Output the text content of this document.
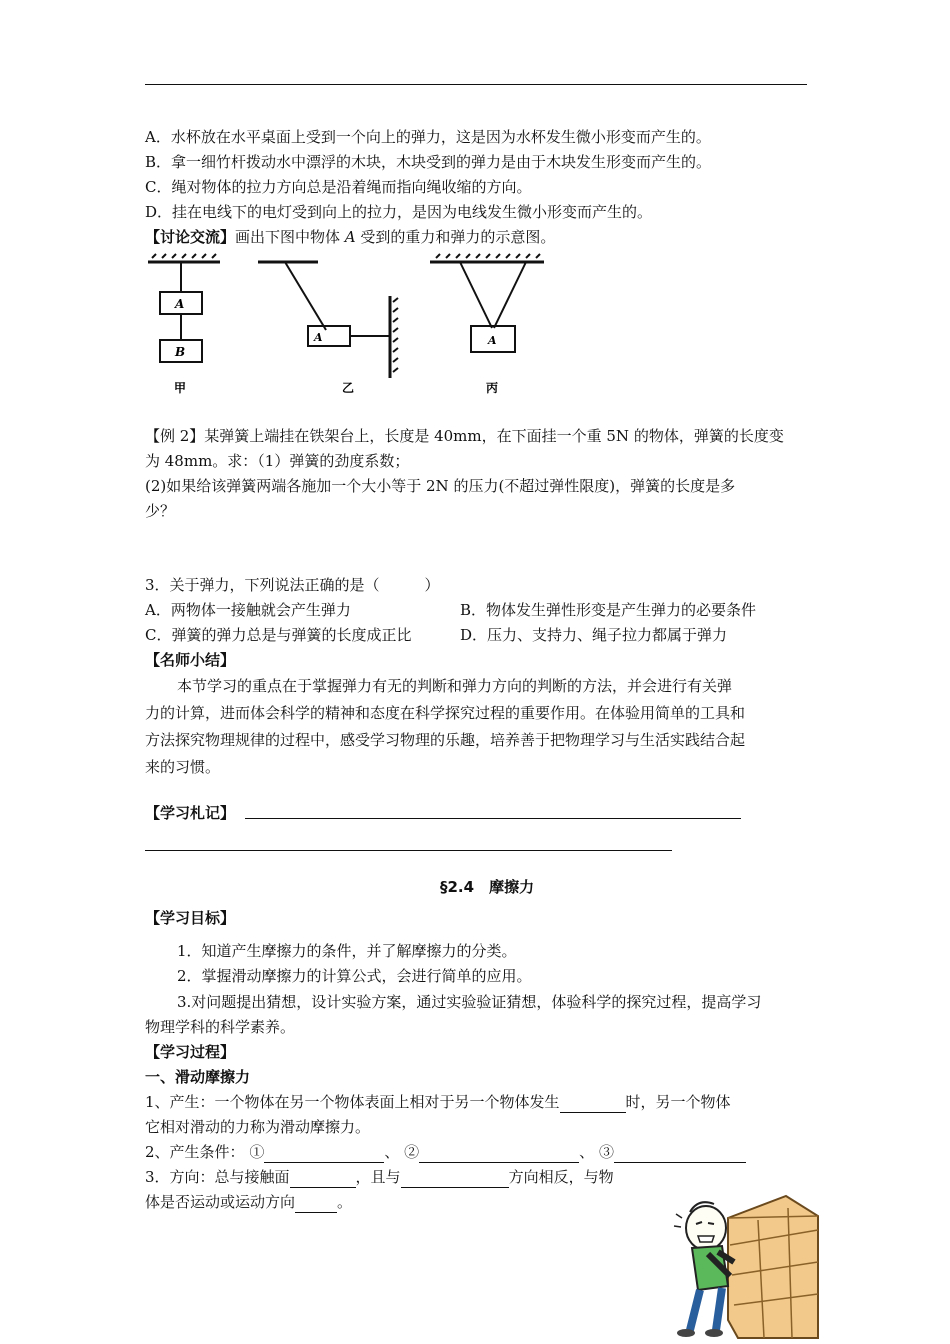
A．水杯放在水平桌面上受到一个向上的弹力，这是因为水杯发生微小形变而产生的。
B．拿一细竹杆拨动水中漂浮的木块，木块受到的弹力是由于木块发生形变而产生的。
C．绳对物体的拉力方向总是沿着绳而指向绳收缩的方向。
D．挂在电线下的电灯受到向上的拉力，是因为电线发生微小形变而产生的。
【讨论交流】画出下图中物体 A 受到的重力和弹力的示意图。
A
B
A	A
甲	乙	丙
【例 2】某弹簧上端挂在铁架台上，长度是 40mm，在下面挂一个重 5N 的物体，弹簧的长度变
为 48mm。求：（1）弹簧的劲度系数；
(2)如果给该弹簧两端各施加一个大小等于 2N 的压力(不超过弹性限度)，弹簧的长度是多
少？
3．关于弹力，下列说法正确的是（　　　）
A．两物体一接触就会产生弹力	B．物体发生弹性形变是产生弹力的必要条件
C．弹簧的弹力总是与弹簧的长度成正比	D．压力、支持力、绳子拉力都属于弹力
【名师小结】
本节学习的重点在于掌握弹力有无的判断和弹力方向的判断的方法，并会进行有关弹
力的计算，进而体会科学的精神和态度在科学探究过程的重要作用。在体验用简单的工具和
方法探究物理规律的过程中，感受学习物理的乐趣，培养善于把物理学习与生活实践结合起
来的习惯。
【学习札记】
§2.4　摩擦力
【学习目标】
1．知道产生摩擦力的条件，并了解摩擦力的分类。
2．掌握滑动摩擦力的计算公式，会进行简单的应用。
3.对问题提出猜想，设计实验方案，通过实验验证猜想，体验科学的探究过程，提高学习
物理学科的科学素养。
【学习过程】
一、滑动摩擦力
1、产生：一个物体在另一个物体表面上相对于另一个物体发生	时，另一个物体
它相对滑动的力称为滑动摩擦力。
2、产生条件： ①	、 ②	、 ③
3．方向：总与接触面	，且与	方向相反，与物
体是否运动或运动方向	。
